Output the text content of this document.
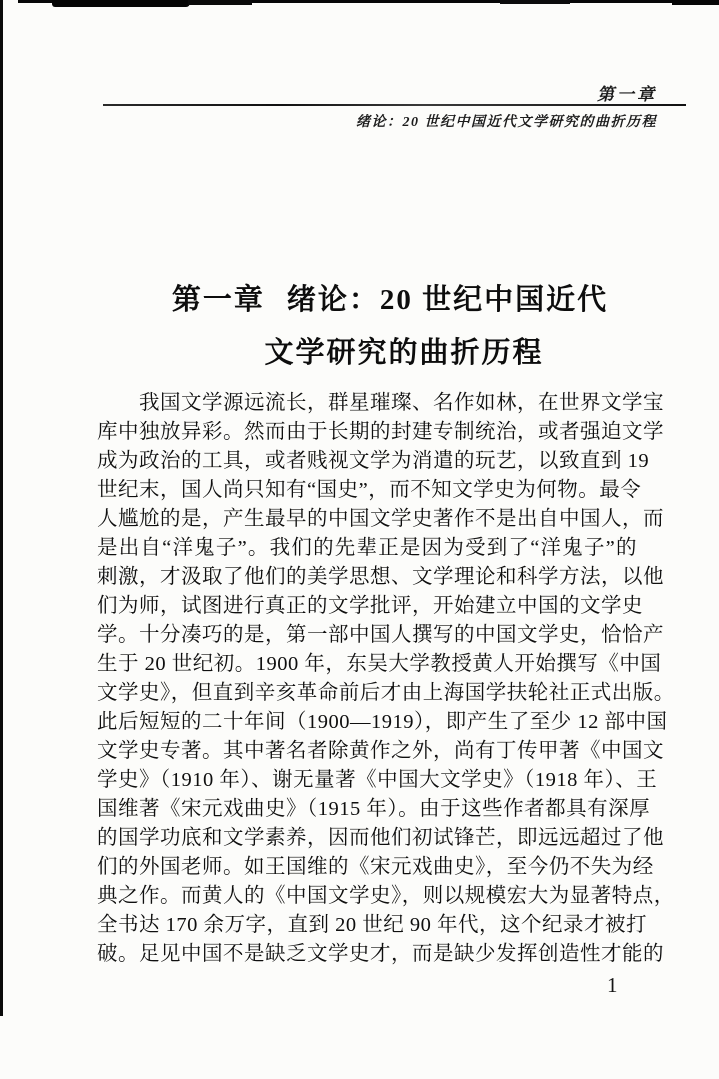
第一章
绪论：20 世纪中国近代文学研究的曲折历程
第一章 绪论：20 世纪中国近代
文学研究的曲折历程
我国文学源远流长，群星璀璨、名作如林，在世界文学宝
库中独放异彩。然而由于长期的封建专制统治，或者强迫文学
成为政治的工具，或者贱视文学为消遣的玩艺，以致直到 19
世纪末，国人尚只知有“国史”，而不知文学史为何物。最令
人尴尬的是，产生最早的中国文学史著作不是出自中国人，而
是出自“洋鬼子”。我们的先辈正是因为受到了“洋鬼子”的
刺激，才汲取了他们的美学思想、文学理论和科学方法，以他
们为师，试图进行真正的文学批评，开始建立中国的文学史
学。十分凑巧的是，第一部中国人撰写的中国文学史，恰恰产
生于 20 世纪初。1900 年，东吴大学教授黄人开始撰写《中国
文学史》，但直到辛亥革命前后才由上海国学扶轮社正式出版。
此后短短的二十年间（1900—1919），即产生了至少 12 部中国
文学史专著。其中著名者除黄作之外，尚有丁传甲著《中国文
学史》（1910 年）、谢无量著《中国大文学史》（1918 年）、王
国维著《宋元戏曲史》（1915 年）。由于这些作者都具有深厚
的国学功底和文学素养，因而他们初试锋芒，即远远超过了他
们的外国老师。如王国维的《宋元戏曲史》，至今仍不失为经
典之作。而黄人的《中国文学史》，则以规模宏大为显著特点，
全书达 170 余万字，直到 20 世纪 90 年代，这个纪录才被打
破。足见中国不是缺乏文学史才，而是缺少发挥创造性才能的
1
